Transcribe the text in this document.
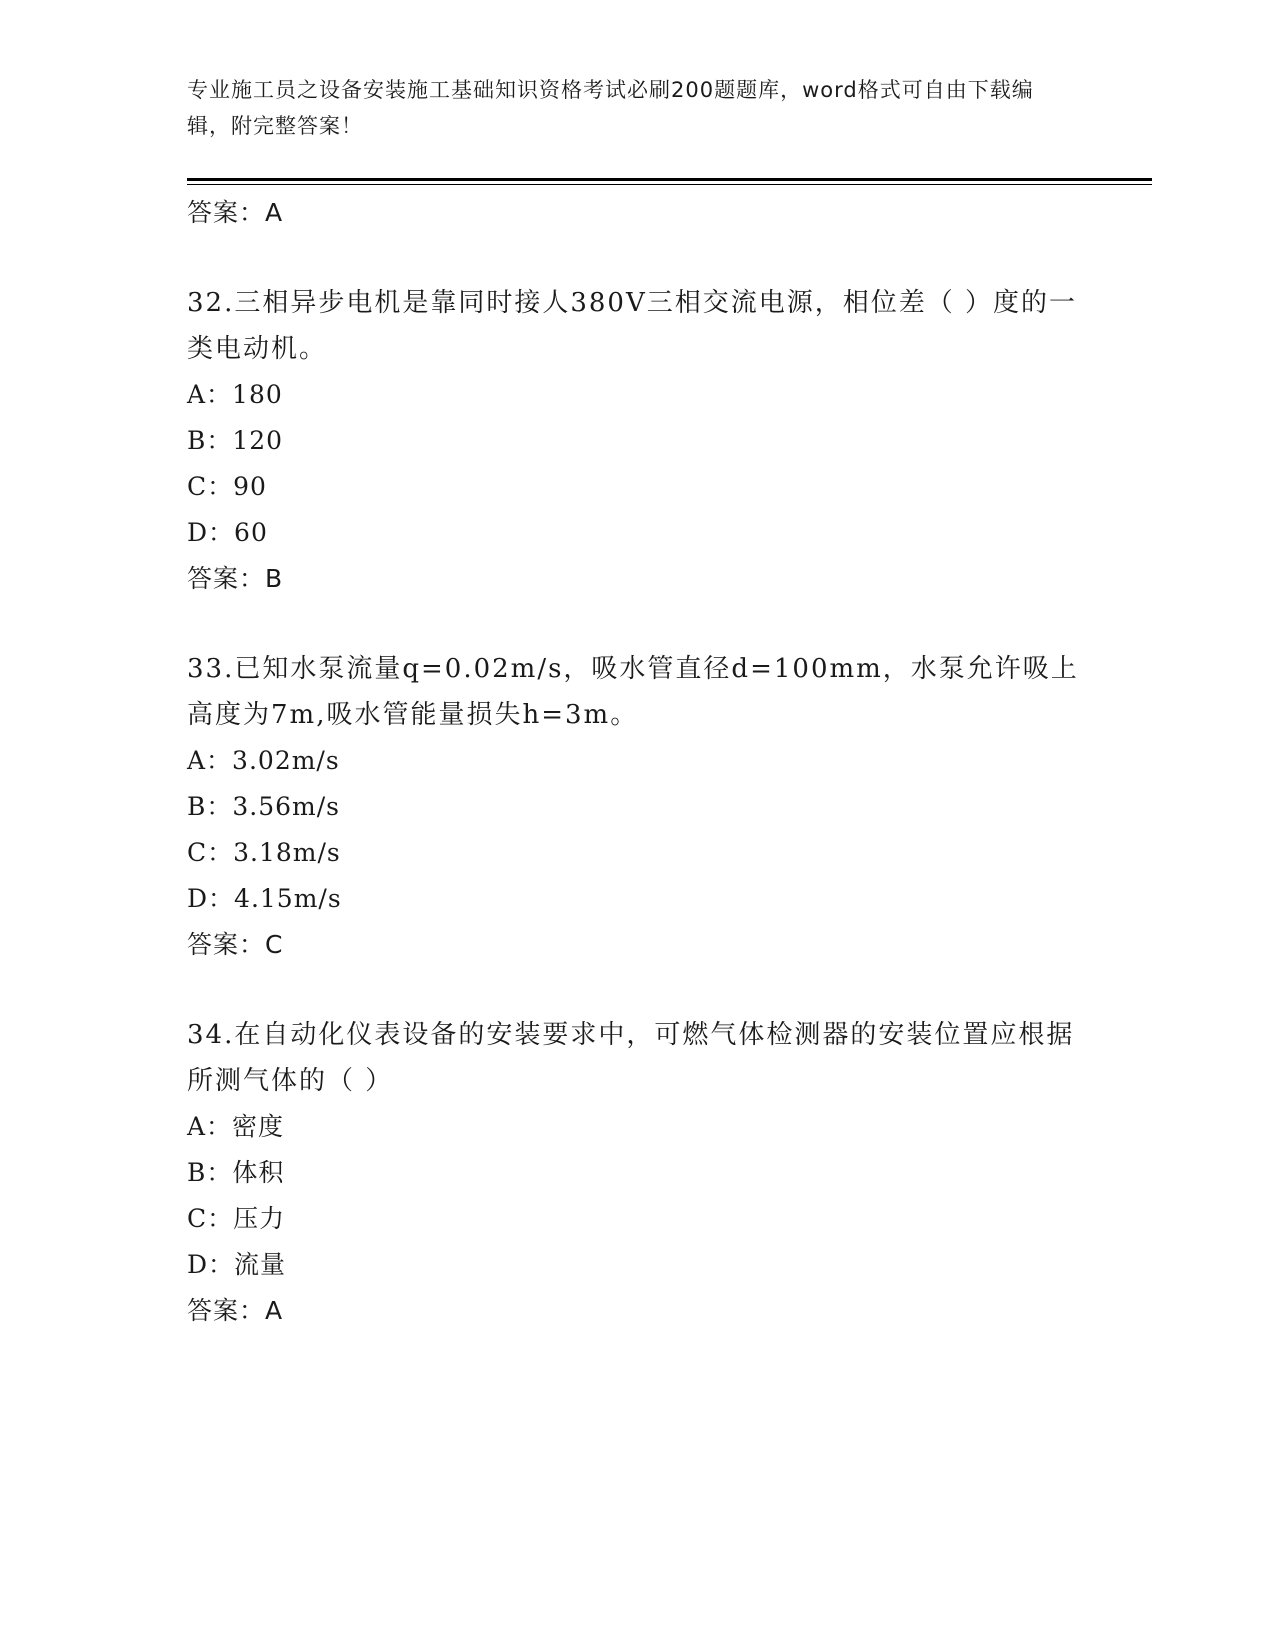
专业施工员之设备安装施工基础知识资格考试必刷200题题库，word格式可自由下载编辑，附完整答案！
答案：A
32.三相异步电机是靠同时接人380V三相交流电源，相位差（ ）度的一类电动机。
A：180
B：120
C：90
D：60
答案：B
33.已知水泵流量q=0.02m/s，吸水管直径d=100mm，水泵允许吸上高度为7m,吸水管能量损失h=3m。
A：3.02m/s
B：3.56m/s
C：3.18m/s
D：4.15m/s
答案：C
34.在自动化仪表设备的安装要求中，可燃气体检测器的安装位置应根据所测气体的（ ）
A：密度
B：体积
C：压力
D：流量
答案：A
